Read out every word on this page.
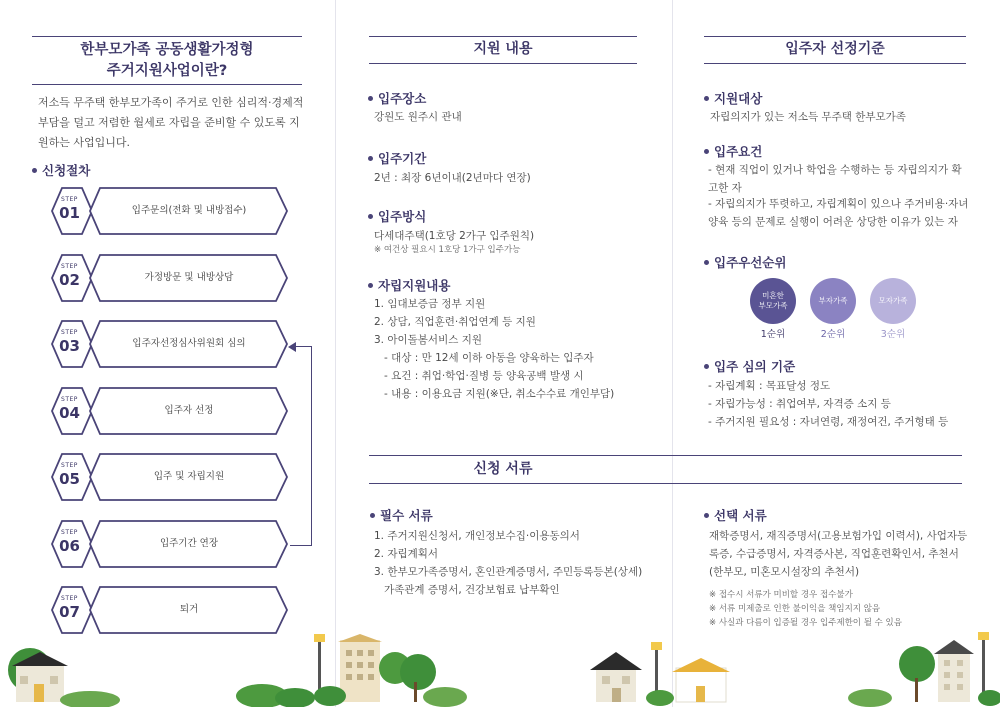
한부모가족 공동생활가정형
주거지원사업이란?
저소득 무주택 한부모가족이 주거로 인한 심리적·경제적 부담을 덜고 저렴한 월세로 자립을 준비할 수 있도록 지원하는 사업입니다.
신청절차
STEP
01	입주문의(전화 및 내방접수)
STEP
02	가정방문 및 내방상담
STEP
03	입주자선정심사위원회 심의
STEP
04	입주자 선정
STEP
05	입주 및 자립지원
STEP
06	입주기간 연장
STEP
07	퇴거
지원 내용
입주장소
강원도 원주시 관내
입주기간
2년 : 최장 6년이내(2년마다 연장)
입주방식
다세대주택(1호당 2가구 입주원칙)
※ 여건상 필요시 1호당 1가구 입주가능
자립지원내용
1. 임대보증금 정부 지원
2. 상담, 직업훈련·취업연계 등 지원
3. 아이돌봄서비스 지원
- 대상 : 만 12세 이하 아동을 양육하는 입주자
- 요건 : 취업·학업·질병 등 양육공백 발생 시
- 내용 : 이용요금 지원(※단, 취소수수료 개인부담)
입주자 선정기준
지원대상
자립의지가 있는 저소득 무주택 한부모가족
입주요건
- 현재 직업이 있거나 학업을 수행하는 등 자립의지가 확고한 자
- 자립의지가 뚜렷하고, 자립계획이 있으나 주거비용·자녀양육 등의 문제로 실행이 어려운 상당한 이유가 있는 자
입주우선순위
미혼한
부모가족
1순위
부자가족
2순위
모자가족
3순위
입주 심의 기준
- 자립계획 : 목표달성 정도
- 자립가능성 : 취업여부, 자격증 소지 등
- 주거지원 필요성 : 자녀연령, 재정여건, 주거형태 등
신청 서류
필수 서류
1. 주거지원신청서, 개인정보수집·이용동의서
2. 자립계획서
3. 한부모가족증명서, 혼인관계증명서, 주민등록등본(상세)
가족관계 증명서, 건강보험료 납부확인
선택 서류
재학증명서, 재직증명서(고용보험가입 이력서), 사업자등록증, 수급증명서, 자격증사본, 직업훈련확인서, 추천서(한부모, 미혼모시설장의 추천서)
※ 접수시 서류가 미비할 경우 접수불가
※ 서류 미제출로 인한 불이익을 책임지지 않음
※ 사실과 다름이 입증될 경우 입주제한이 될 수 있음
